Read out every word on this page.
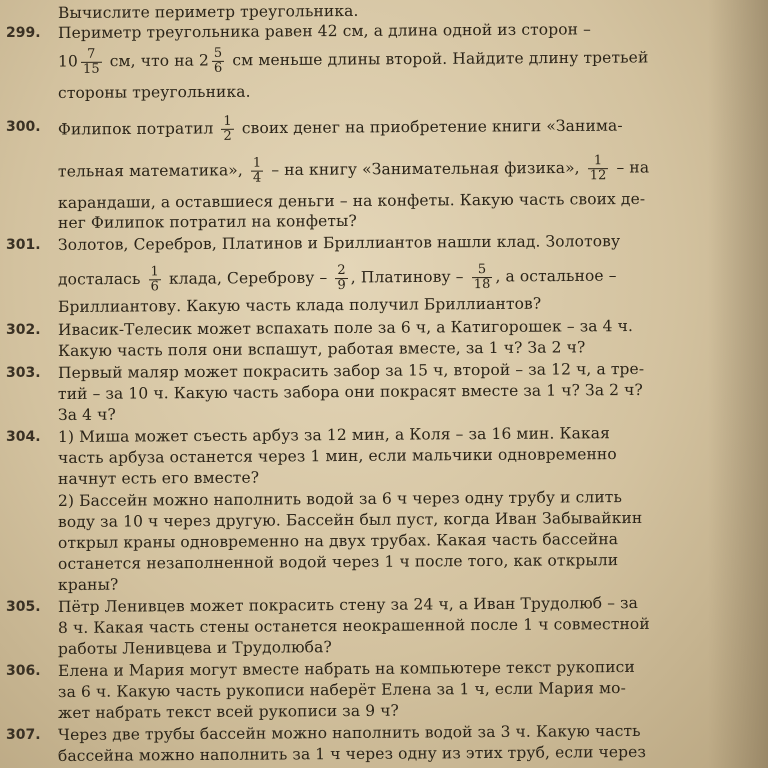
Вычислите периметр треугольника.
299. Периметр треугольника равен 42 см, а длина одной из сторон –
$10 \frac{7}{15}$ см, что на $2 \frac{5}{6}$ см меньше длины второй. Найдите длину третьей
стороны треугольника.
300. Филипок потратил $\frac{1}{2}$ своих денег на приобретение книги «Занима-
тельная математика», $\frac{1}{4}$ – на книгу «Занимательная физика», $\frac{1}{12}$ – на
карандаши, а оставшиеся деньги – на конфеты. Какую часть своих де-
нег Филипок потратил на конфеты?
301. Золотов, Серебров, Платинов и Бриллиантов нашли клад. Золотову
досталась $\frac{1}{6}$ клада, Сереброву – $\frac{2}{9}$ , Платинову – $\frac{5}{18}$ , а остальное –
Бриллиантову. Какую часть клада получил Бриллиантов?
302. Ивасик-Телесик может вспахать поле за 6 ч, а Катигорошек – за 4 ч.
Какую часть поля они вспашут, работая вместе, за 1 ч? За 2 ч?
303. Первый маляр может покрасить забор за 15 ч, второй – за 12 ч, а тре-
тий – за 10 ч. Какую часть забора они покрасят вместе за 1 ч? За 2 ч?
За 4 ч?
304. 1) Миша может съесть арбуз за 12 мин, а Коля – за 16 мин. Какая
часть арбуза останется через 1 мин, если мальчики одновременно
начнут есть его вместе?
2) Бассейн можно наполнить водой за 6 ч через одну трубу и слить
воду за 10 ч через другую. Бассейн был пуст, когда Иван Забывайкин
открыл краны одновременно на двух трубах. Какая часть бассейна
останется незаполненной водой через 1 ч после того, как открыли
краны?
305. Пётр Ленивцев может покрасить стену за 24 ч, а Иван Трудолюб – за
8 ч. Какая часть стены останется неокрашенной после 1 ч совместной
работы Ленивцева и Трудолюба?
306. Елена и Мария могут вместе набрать на компьютере текст рукописи
за 6 ч. Какую часть рукописи наберёт Елена за 1 ч, если Мария мо-
жет набрать текст всей рукописи за 9 ч?
307. Через две трубы бассейн можно наполнить водой за 3 ч. Какую часть
бассейна можно наполнить за 1 ч через одну из этих труб, если через
